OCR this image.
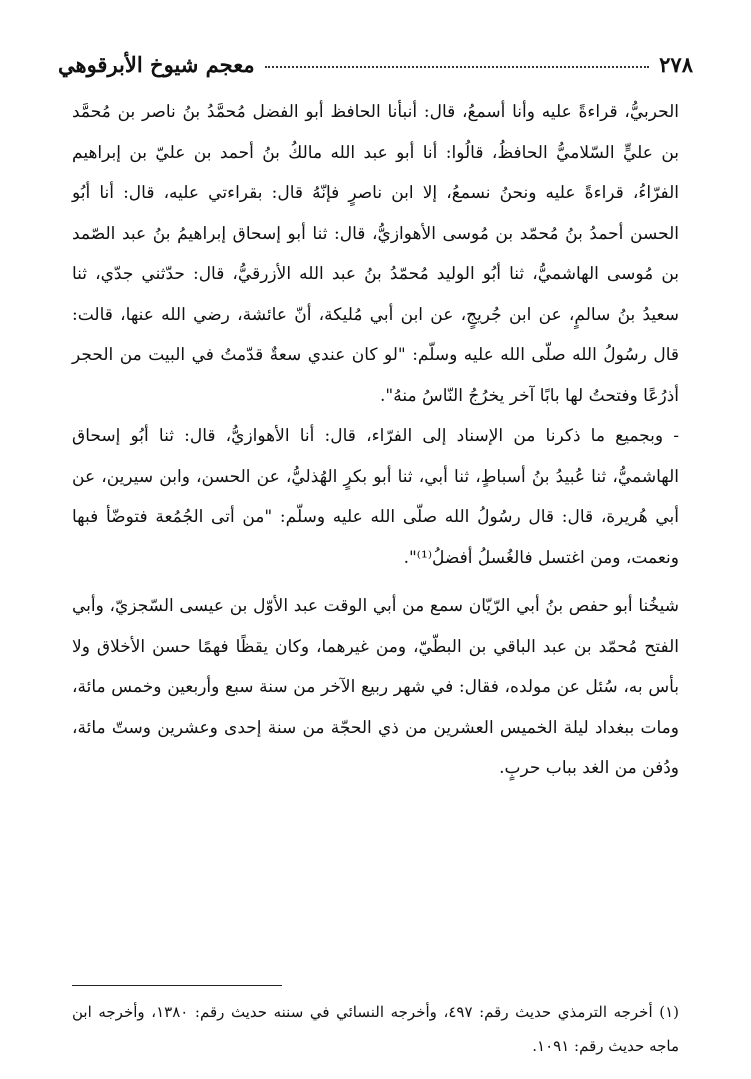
٢٧٨
معجم شيوخ الأبرقوهي

الحربيُّ، قراءةً عليه وأنا أسمعُ، قال: أنبأنا الحافظ أبو الفضل مُحمَّدُ بنُ ناصر بن مُحمَّد بن عليٍّ السّلاميُّ الحافظُ، قالُوا: أنا أبو عبد الله مالكُ بنُ أحمد بن عليّ بن إبراهيم الفرّاءُ، قراءةً عليه ونحنُ نسمعُ، إلا ابن ناصرٍ فإنّهُ قال: بقراءتي عليه، قال: أنا أبُو الحسن أحمدُ بنُ مُحمّد بن مُوسى الأهوازيُّ، قال: ثنا أبو إسحاق إبراهيمُ بنُ عبد الصّمد بن مُوسى الهاشميُّ، ثنا أبُو الوليد مُحمّدُ بنُ عبد الله الأزرقيُّ، قال: حدّثني جدّي، ثنا سعيدُ بنُ سالمٍ، عن ابن جُريجٍ، عن ابن أبي مُليكة، أنّ عائشة، رضي الله عنها، قالت: قال رسُولُ الله صلّى الله عليه وسلّم: "لو كان عندي سعةٌ قدّمتُ في البيت من الحجر أذرُعًا وفتحتُ لها بابًا آخر يخرُجُ النّاسُ منهُ".

- وبجميع ما ذكرنا من الإسناد إلى الفرّاء، قال: أنا الأهوازيُّ، قال: ثنا أبُو إسحاق الهاشميُّ، ثنا عُبيدُ بنُ أسباطٍ، ثنا أبي، ثنا أبو بكرٍ الهُذليُّ، عن الحسن، وابن سيرين، عن أبي هُريرة، قال: قال رسُولُ الله صلّى الله عليه وسلّم: "من أتى الجُمُعة فتوضّأ فبها ونعمت، ومن اغتسل فالغُسلُ أفضلُ⁽¹⁾".

شيخُنا أبو حفص بنُ أبي الرّيّان سمع من أبي الوقت عبد الأوّل بن عيسى السّجزيّ، وأبي الفتح مُحمّد بن عبد الباقي بن البطّيّ، ومن غيرهما، وكان يقظًا فهمًا حسن الأخلاق ولا بأس به، سُئل عن مولده، فقال: في شهر ربيع الآخر من سنة سبع وأربعين وخمس مائة، ومات ببغداد ليلة الخميس العشرين من ذي الحجّة من سنة إحدى وعشرين وستّ مائة، ودُفن من الغد بباب حربٍ.

(١) أخرجه الترمذي حديث رقم: ٤٩٧، وأخرجه النسائي في سننه حديث رقم: ١٣٨٠، وأخرجه ابن ماجه حديث رقم: ١٠٩١.
